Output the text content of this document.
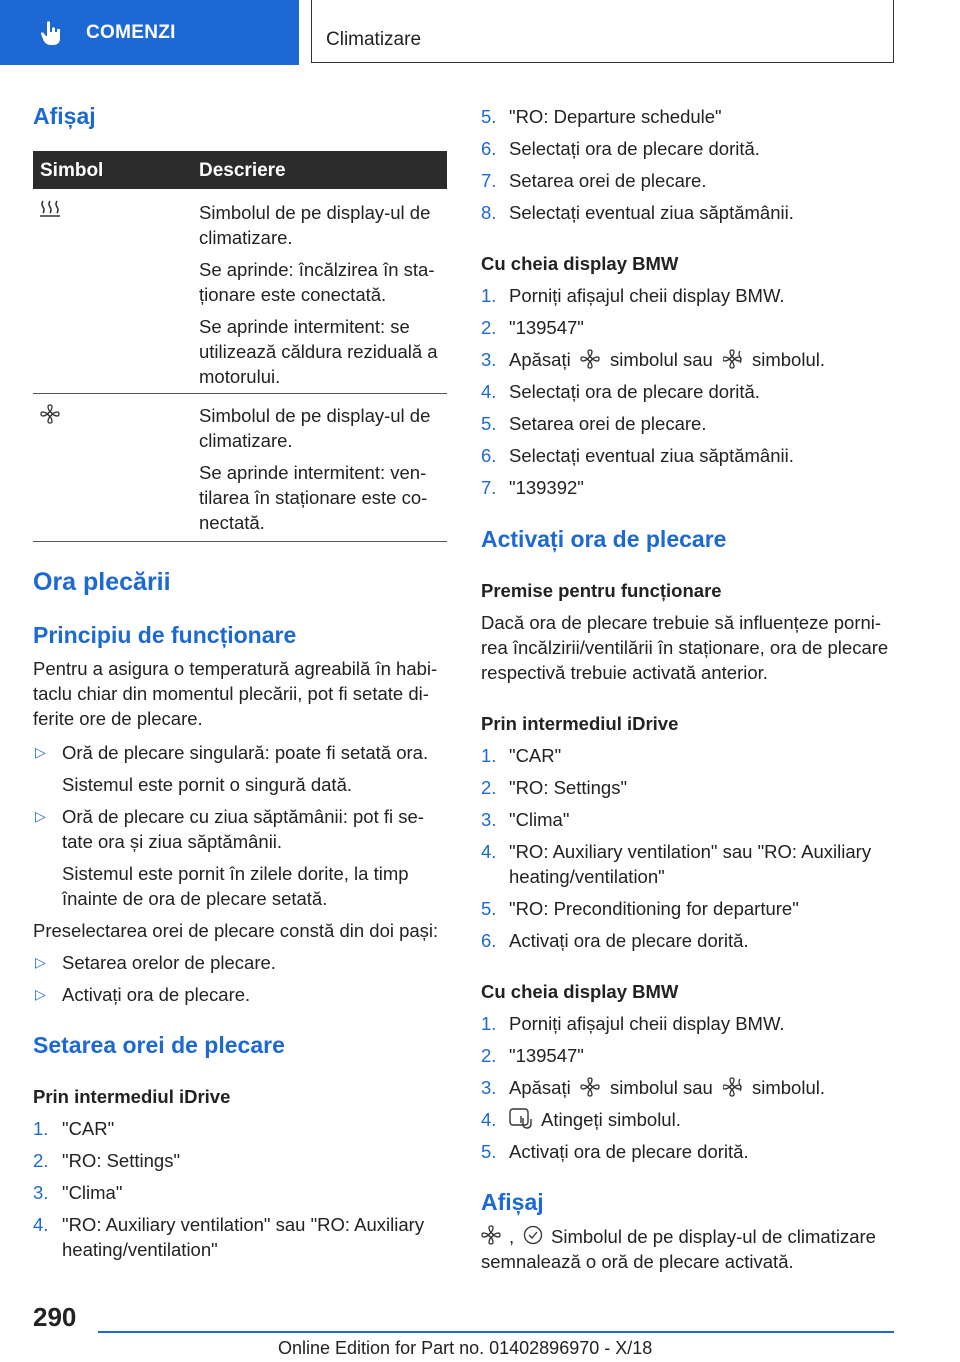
COMENZI	Climatizare
Afișaj
Simbol	Descriere
Simbolul de pe display-ul de
climatizare.
Se aprinde: încălzirea în sta-
ționare este conectată.
Se aprinde intermitent: se
utilizează căldura reziduală a
motorului.
Simbolul de pe display-ul de
climatizare.
Se aprinde intermitent: ven-
tilarea în staționare este co-
nectată.
Ora plecării
Principiu de funcționare
Pentru a asigura o temperatură agreabilă în habi-
taclu chiar din momentul plecării, pot fi setate di-
ferite ore de plecare.
▷ Oră de plecare singulară: poate fi setată ora.
Sistemul este pornit o singură dată.
▷ Oră de plecare cu ziua săptămânii: pot fi se-
tate ora și ziua săptămânii.
Sistemul este pornit în zilele dorite, la timp
înainte de ora de plecare setată.
Preselectarea orei de plecare constă din doi pași:
▷ Setarea orelor de plecare.
▷ Activați ora de plecare.
Setarea orei de plecare
Prin intermediul iDrive
1. "CAR"
2. "RO: Settings"
3. "Clima"
4. "RO: Auxiliary ventilation" sau "RO: Auxiliary
heating/ventilation"
5. "RO: Departure schedule"
6. Selectați ora de plecare dorită.
7. Setarea orei de plecare.
8. Selectați eventual ziua săptămânii.
Cu cheia display BMW
1. Porniți afișajul cheii display BMW.
2. "139547"
3. Apăsați simbolul sau simbolul.
4. Selectați ora de plecare dorită.
5. Setarea orei de plecare.
6. Selectați eventual ziua săptămânii.
7. "139392"
Activați ora de plecare
Premise pentru funcționare
Dacă ora de plecare trebuie să influențeze porni-
rea încălzirii/ventilării în staționare, ora de plecare
respectivă trebuie activată anterior.
Prin intermediul iDrive
1. "CAR"
2. "RO: Settings"
3. "Clima"
4. "RO: Auxiliary ventilation" sau "RO: Auxiliary
heating/ventilation"
5. "RO: Preconditioning for departure"
6. Activați ora de plecare dorită.
Cu cheia display BMW
1. Porniți afișajul cheii display BMW.
2. "139547"
3. Apăsați simbolul sau simbolul.
4. Atingeți simbolul.
5. Activați ora de plecare dorită.
Afișaj
, Simbolul de pe display-ul de climatizare
semnalează o oră de plecare activată.
290
Online Edition for Part no. 01402896970 - X/18
